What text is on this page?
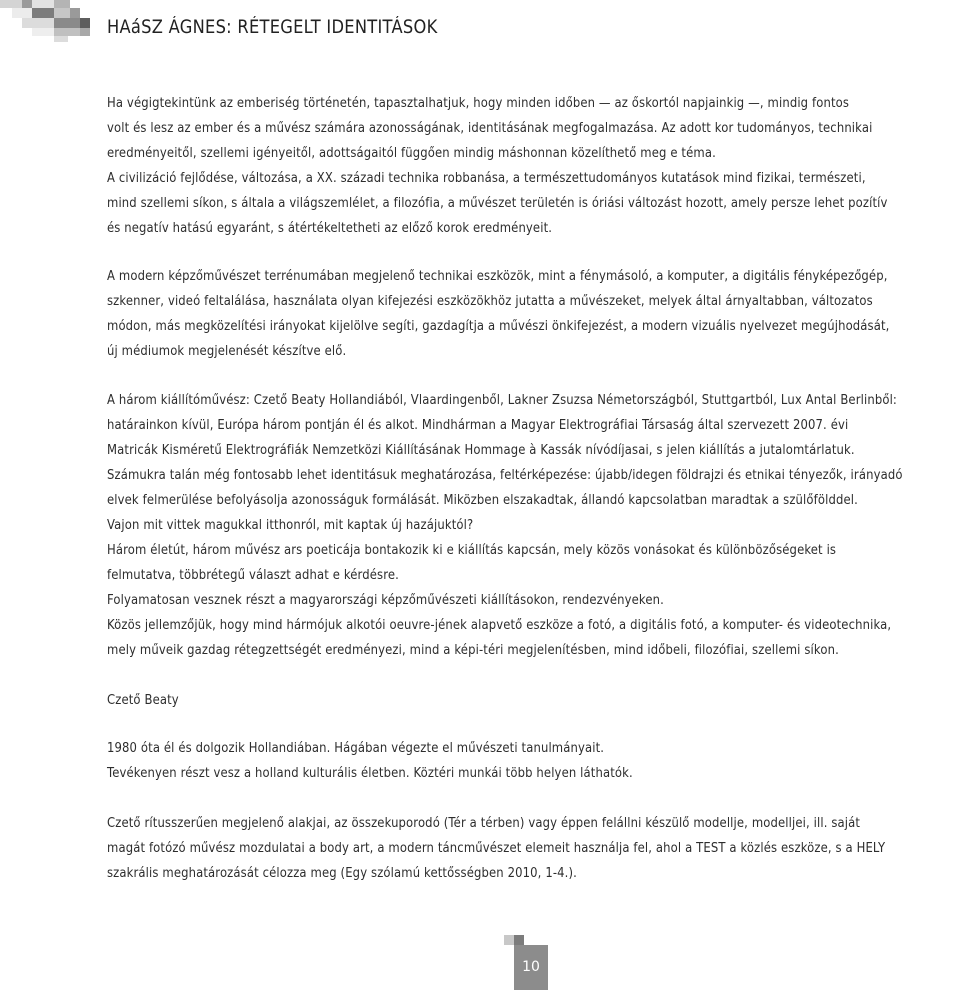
HAáSZ ÁGNES: RÉTEGELT IDENTITÁSOK

Ha végigtekintünk az emberiség történetén, tapasztalhatjuk, hogy minden időben — az őskortól napjainkig —, mindig fontos

volt és lesz az ember és a művész számára azonosságának, identitásának megfogalmazása. Az adott kor tudományos, technikai

eredményeitől, szellemi igényeitől, adottságaitól függően mindig máshonnan közelíthető meg e téma.

A civilizáció fejlődése, változása, a XX. századi technika robbanása, a természettudományos kutatások mind fizikai, természeti,

mind szellemi síkon, s általa a világszemlélet, a filozófia, a művészet területén is óriási változást hozott, amely persze lehet pozítív

és negatív hatású egyaránt, s átértékeltetheti az előző korok eredményeit.

A modern képzőművészet terrénumában megjelenő technikai eszközök, mint a fénymásoló, a komputer, a digitális fényképezőgép,

szkenner, videó feltalálása, használata olyan kifejezési eszközökhöz jutatta a művészeket, melyek által árnyaltabban, változatos

módon, más megközelítési irányokat kijelölve segíti, gazdagítja a művészi önkifejezést, a modern vizuális nyelvezet megújhodását,

új médiumok megjelenését készítve elő.

A három kiállítóművész: Czető Beaty Hollandiából, Vlaardingenből, Lakner Zsuzsa Németországból, Stuttgartból, Lux Antal Berlinből:

határainkon kívül, Európa három pontján él és alkot. Mindhárman a Magyar Elektrográfiai Társaság által szervezett 2007. évi

Matricák Kisméretű Elektrográfiák Nemzetközi Kiállításának Hommage à Kassák nívódíjasai, s jelen kiállítás a jutalomtárlatuk.

Számukra talán még fontosabb lehet identitásuk meghatározása, feltérképezése: újabb/idegen földrajzi és etnikai tényezők, irányadó

elvek felmerülése befolyásolja azonosságuk formálását. Miközben elszakadtak, állandó kapcsolatban maradtak a szülőfölddel.

Vajon mit vittek magukkal itthonról, mit kaptak új hazájuktól?

Három életút, három művész ars poeticája bontakozik ki e kiállítás kapcsán, mely közös vonásokat és különbözőségeket is

felmutatva, többrétegű választ adhat e kérdésre.

Folyamatosan vesznek részt a magyarországi képzőművészeti kiállításokon, rendezvényeken.

Közös jellemzőjük, hogy mind hármójuk alkotói oeuvre-jének alapvető eszköze a fotó, a digitális fotó, a komputer- és videotechnika,

mely műveik gazdag rétegzettségét eredményezi, mind a képi-téri megjelenítésben, mind időbeli, filozófiai, szellemi síkon.

Czető Beaty

1980 óta él és dolgozik Hollandiában. Hágában végezte el művészeti tanulmányait.

Tevékenyen részt vesz a holland kulturális életben. Köztéri munkái több helyen láthatók.

Czető rítusszerűen megjelenő alakjai, az összekuporodó (Tér a térben) vagy éppen felállni készülő modellje, modelljei, ill. saját

magát fotózó művész mozdulatai a body art, a modern táncművészet elemeit használja fel, ahol a TEST a közlés eszköze, s a HELY

szakrális meghatározását célozza meg (Egy szólamú kettősségben 2010, 1-4.).

10
